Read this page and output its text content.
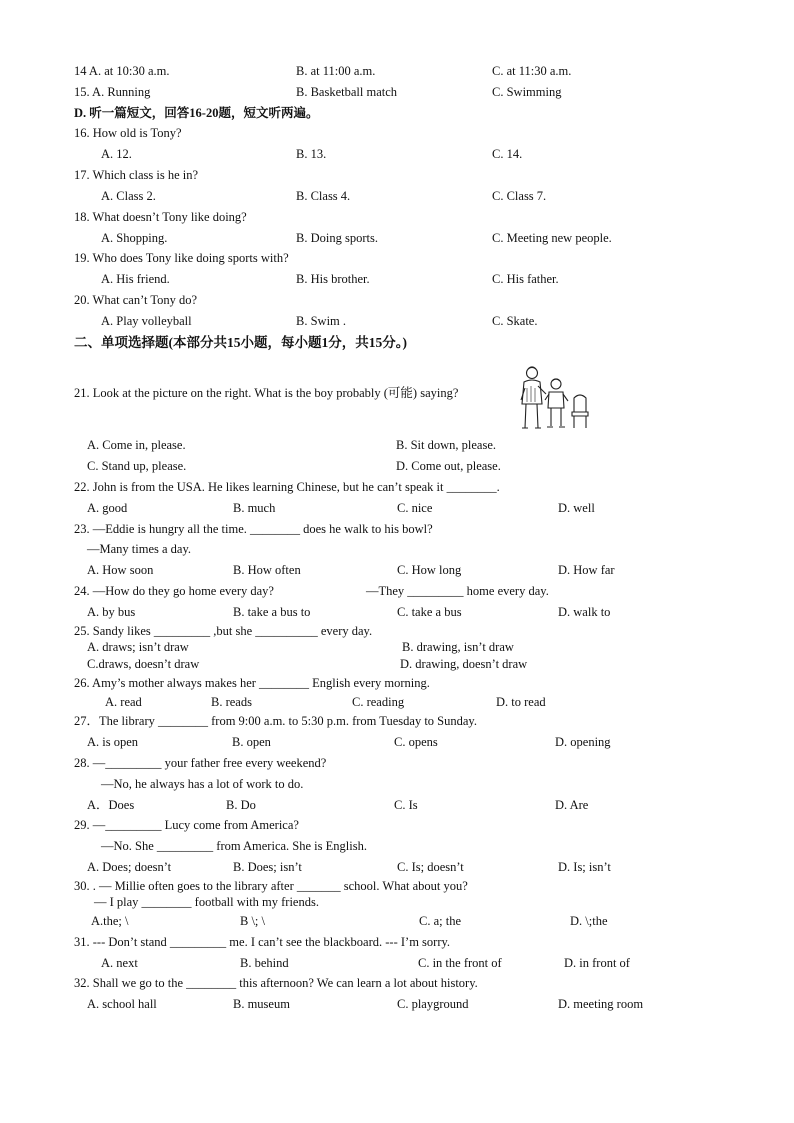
14 A. at 10:30 a.m.	B. at 11:00 a.m.	C. at 11:30 a.m.
15. A. Running	B. Basketball match	C. Swimming
D. 听一篇短文，回答16-20题，短文听两遍。
16. How old is Tony?
A. 12.	B. 13.	C. 14.
17. Which class is he in?
A. Class 2.	B. Class 4.	C. Class 7.
18. What doesn’t Tony like doing?
A. Shopping.	B. Doing sports.	C. Meeting new people.
19. Who does Tony like doing sports with?
A. His friend.	B. His brother.	C. His father.
20. What can’t Tony do?
A. Play volleyball	B. Swim .	C. Skate.
二、单项选择题(本部分共15小题，每小题1分，共15分。)
21. Look at the picture on the right. What is the boy probably (可能) saying?
A. Come in, please.	B. Sit down, please.
C. Stand up, please.	D. Come out, please.
22. John is from the USA. He likes learning Chinese, but he can’t speak it ________.
A. good	B. much	C. nice	D. well
23. —Eddie is hungry all the time. ________ does he walk to his bowl?
—Many times a day.
A. How soon	B. How often	C. How long	D. How far
24. —How do they go home every day?	—They _________ home every day.
A. by bus	B. take a bus to	C. take a bus	D. walk to
25. Sandy likes _________ ,but she __________ every day.
A. draws; isn’t draw	B. drawing, isn’t draw
C.draws, doesn’t draw	D. drawing, doesn’t draw
26. Amy’s mother always makes her ________ English every morning.
A. read	B. reads	C. reading	D. to read
27．The library ________ from 9:00 a.m. to 5:30 p.m. from Tuesday to Sunday.
A. is open	B. open	C. opens	D. opening
28. —_________ your father free every weekend?
—No, he always has a lot of work to do.
A．Does	B. Do	C. Is	D. Are
29. —_________ Lucy come from America?
—No. She _________ from America. She is English.
A. Does; doesn’t	B. Does; isn’t	C. Is; doesn’t	D. Is; isn’t
30. . — Millie often goes to the library after _______ school. What about you?
— I play ________ football with my friends.
A.the; \	B \; \	C. a; the	D. \;the
31. --- Don’t stand _________ me. I can’t see the blackboard. --- I’m sorry.
A. next	B. behind	C. in the front of	D. in front of
32. Shall we go to the ________ this afternoon? We can learn a lot about history.
A. school hall	B. museum	C. playground	D. meeting room
